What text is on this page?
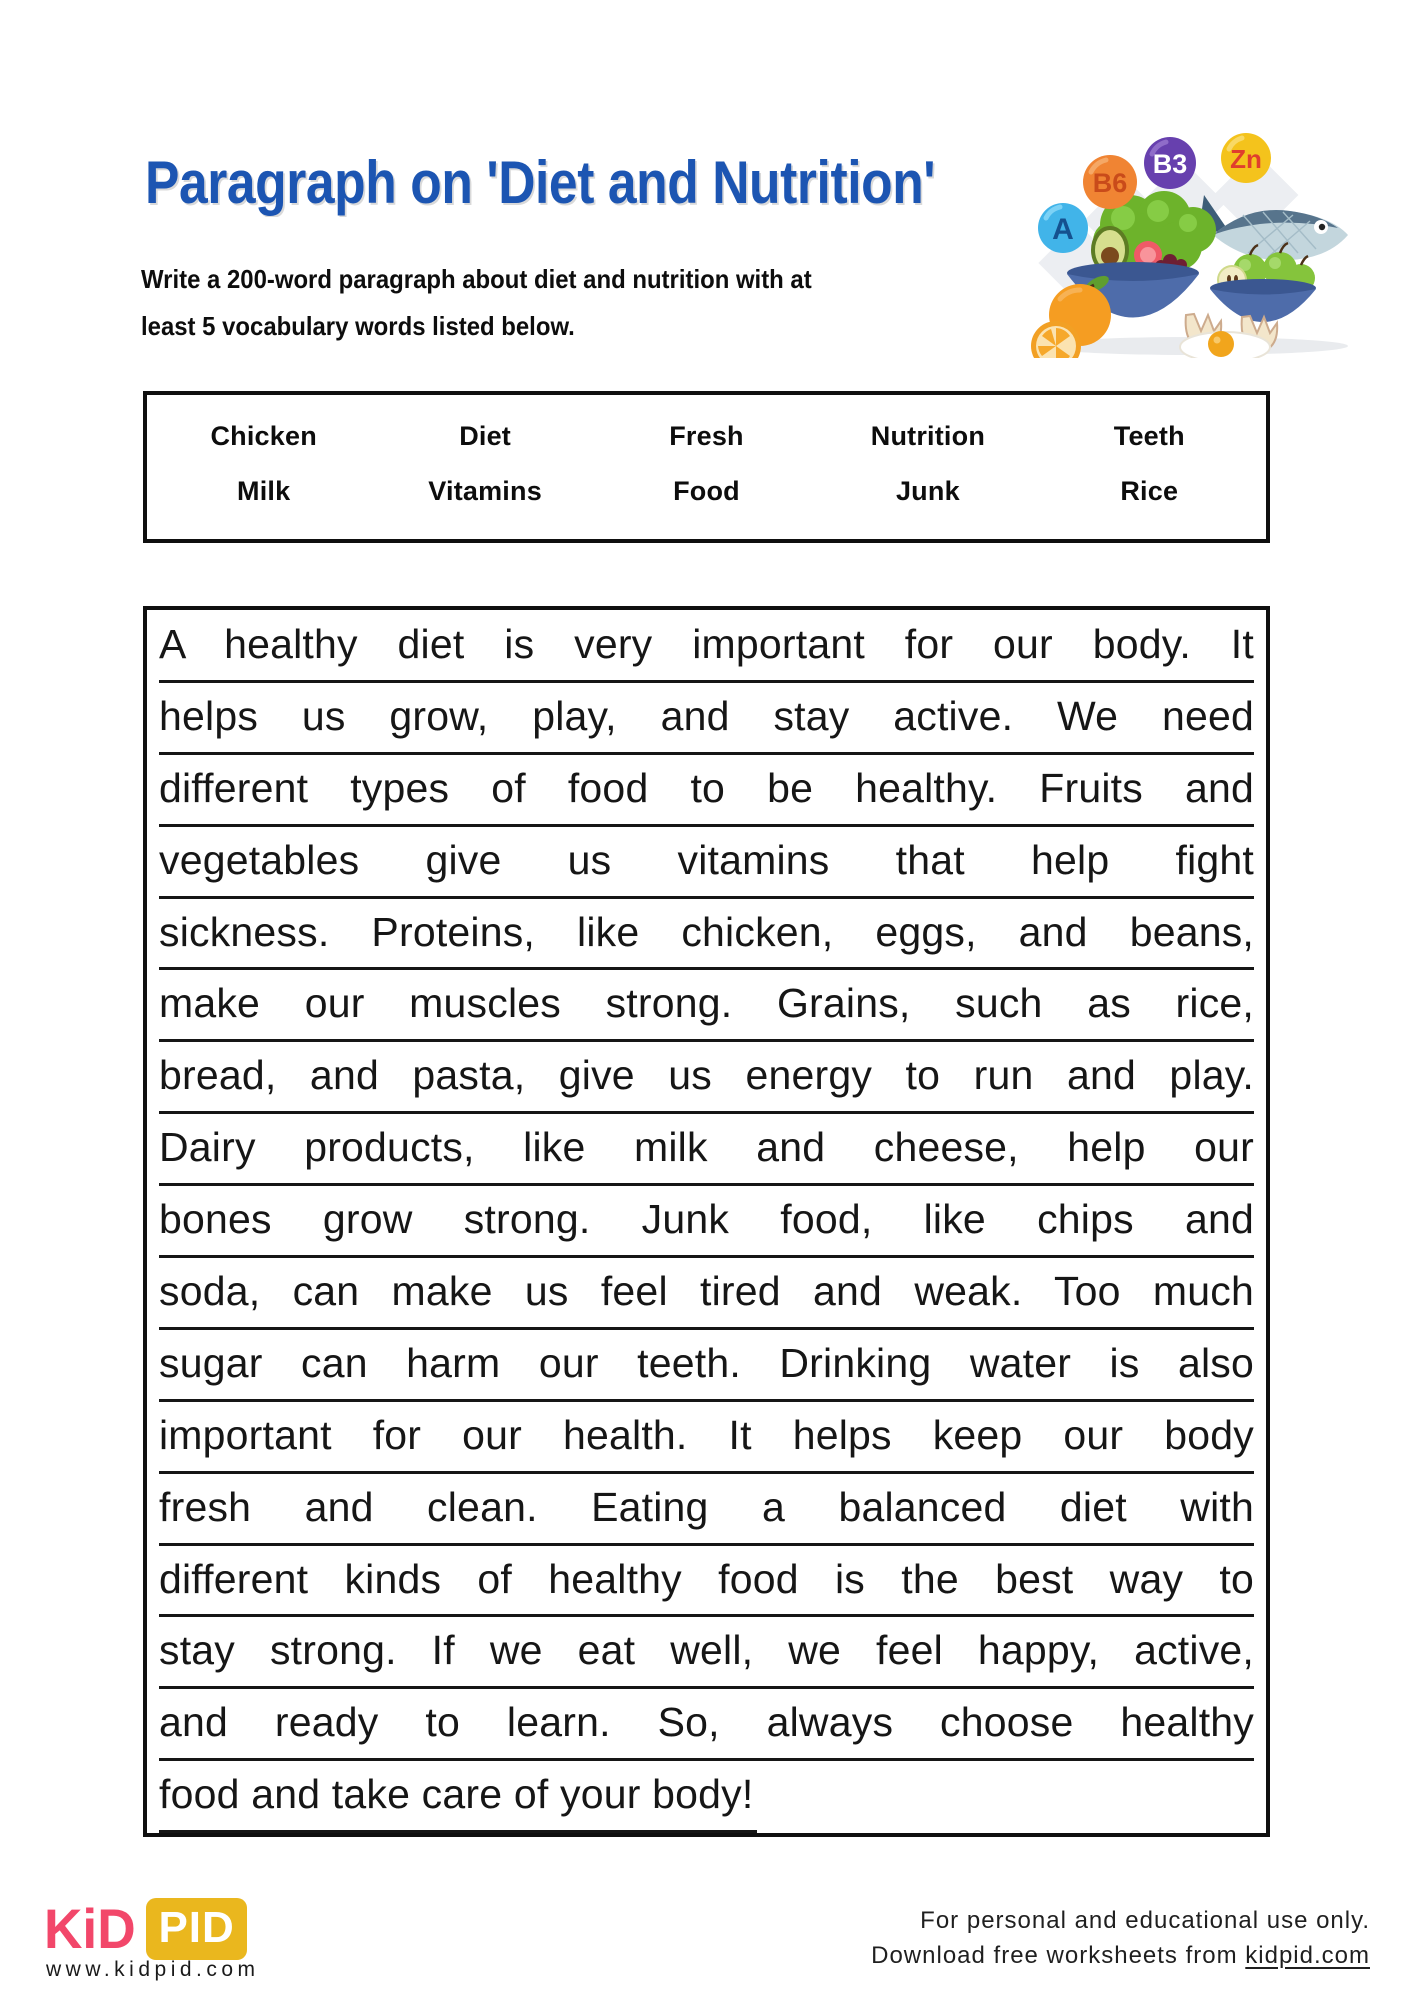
Paragraph on 'Diet and Nutrition'
Write a 200-word paragraph about diet and nutrition with at
least 5 vocabulary words listed below.
A
B6
B3 Zn
Chicken	Diet	Fresh	Nutrition	Teeth
Milk	Vitamins	Food	Junk	Rice
A healthy diet is very important for our body. It
helps us grow, play, and stay active. We need
different types of food to be healthy. Fruits and
vegetables give us vitamins that help fight
sickness. Proteins, like chicken, eggs, and beans,
make our muscles strong. Grains, such as rice,
bread, and pasta, give us energy to run and play.
Dairy products, like milk and cheese, help our
bones grow strong. Junk food, like chips and
soda, can make us feel tired and weak. Too much
sugar can harm our teeth. Drinking water is also
important for our health. It helps keep our body
fresh and clean. Eating a balanced diet with
different kinds of healthy food is the best way to
stay strong. If we eat well, we feel happy, active,
and ready to learn. So, always choose healthy
food and take care of your body!
KiD PID
www.kidpid.com
For personal and educational use only.
Download free worksheets from kidpid.com
